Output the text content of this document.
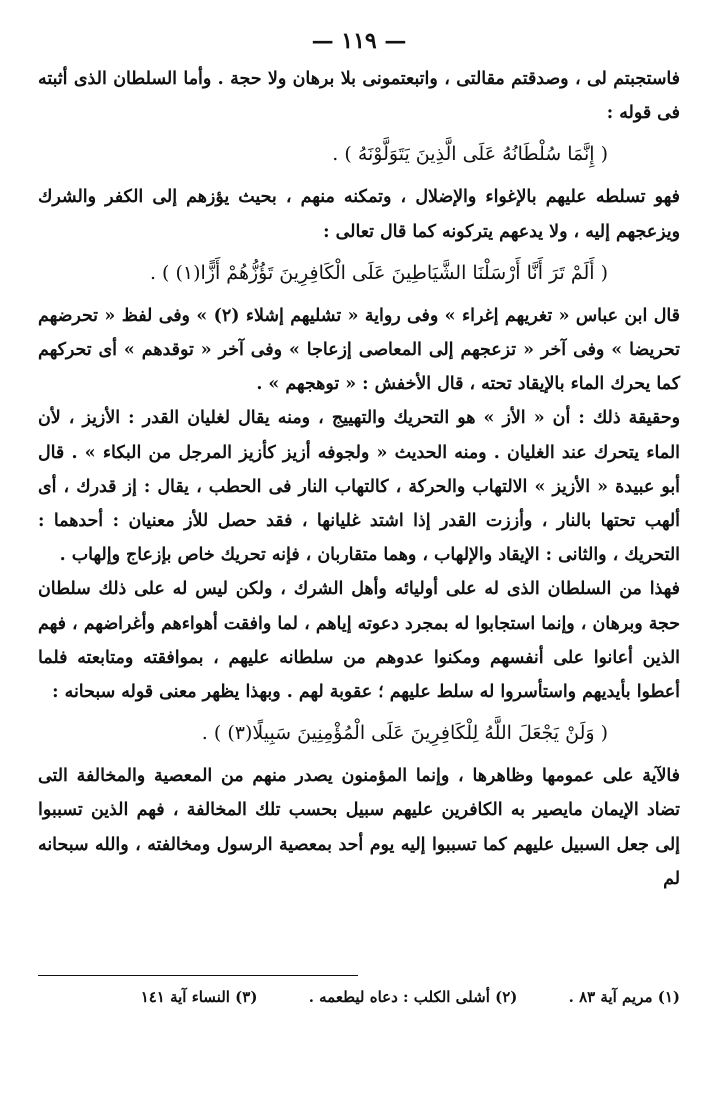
— ١١٩ —

فاستجبتم لى ، وصدقتم مقالتى ، واتبعتمونى بلا برهان ولا حجة . وأما السلطان الذى أثبته فى قوله :

( إِنَّمَا سُلْطَانُهُ عَلَى الَّذِينَ يَتَوَلَّوْنَهُ ) .

فهو تسلطه عليهم بالإغواء والإضلال ، وتمكنه منهم ، بحيث يؤزهم إلى الكفر والشرك ويزعجهم إليه ، ولا يدعهم يتركونه كما قال تعالى :

( أَلَمْ تَرَ أَنَّا أَرْسَلْنَا الشَّيَاطِينَ عَلَى الْكَافِرِينَ تَؤُزُّهُمْ أَزًّا(١) ) .

قال ابن عباس « تغريهم إغراء » وفى رواية « تشليهم إشلاء (٢) » وفى لفظ « تحرضهم تحريضا » وفى آخر « تزعجهم إلى المعاصى إزعاجا » وفى آخر « توقدهم » أى تحركهم كما يحرك الماء بالإيقاد تحته ، قال الأخفش : « توهجهم » .

وحقيقة ذلك : أن « الأز » هو التحريك والتهييج ، ومنه يقال لغليان القدر : الأزيز ، لأن الماء يتحرك عند الغليان . ومنه الحديث « ولجوفه أزيز كأزيز المرجل من البكاء » . قال أبو عبيدة « الأزيز » الالتهاب والحركة ، كالتهاب النار فى الحطب ، يقال : إز قدرك ، أى ألهب تحتها بالنار ، وأززت القدر إذا اشتد غليانها ، فقد حصل للأز معنيان : أحدهما : التحريك ، والثانى : الإيقاد والإلهاب ، وهما متقاربان ، فإنه تحريك خاص بإزعاج وإلهاب .

فهذا من السلطان الذى له على أوليائه وأهل الشرك ، ولكن ليس له على ذلك سلطان حجة وبرهان ، وإنما استجابوا له بمجرد دعوته إياهم ، لما وافقت أهواءهم وأغراضهم ، فهم الذين أعانوا على أنفسهم ومكنوا عدوهم من سلطانه عليهم ، بموافقته ومتابعته فلما أعطوا بأيديهم واستأسروا له سلط عليهم ؛ عقوبة لهم . وبهذا يظهر معنى قوله سبحانه :

( وَلَنْ يَجْعَلَ اللَّهُ لِلْكَافِرِينَ عَلَى الْمُؤْمِنِينَ سَبِيلًا(٣) ) .

فالآية على عمومها وظاهرها ، وإنما المؤمنون يصدر منهم من المعصية والمخالفة التى تضاد الإيمان مايصير به الكافرين عليهم سبيل بحسب تلك المخالفة ، فهم الذين تسببوا إلى جعل السبيل عليهم كما تسببوا إليه يوم أحد بمعصية الرسول ومخالفته ، والله سبحانه لم

(١) مريم آية ٨٣ . (٢) أشلى الكلب : دعاه ليطعمه . (٣) النساء آية ١٤١
